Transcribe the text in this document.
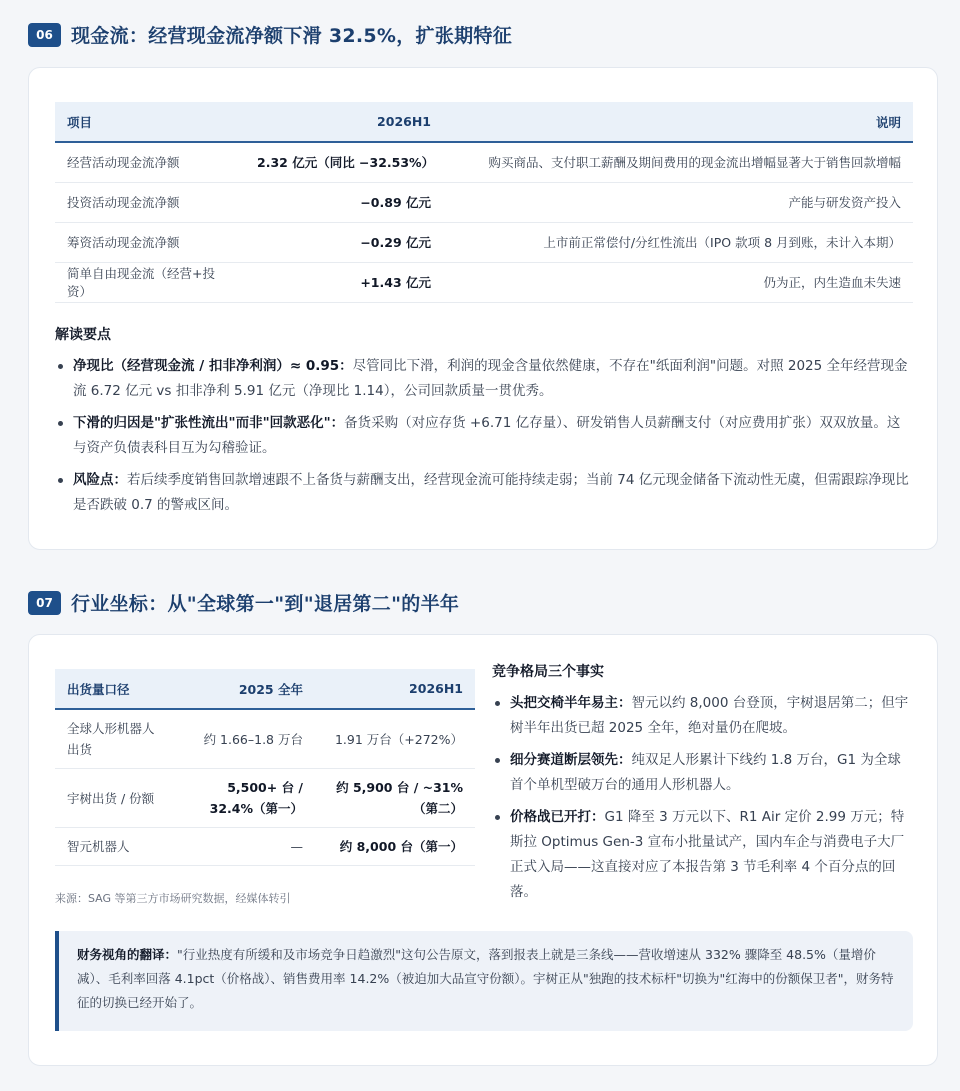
06 现金流：经营现金流净额下滑 32.5%，扩张期特征
项目	2026H1	说明
经营活动现金流净额	2.32 亿元（同比 −32.53%）	购买商品、支付职工薪酬及期间费用的现金流出增幅显著大于销售回款增幅
投资活动现金流净额	−0.89 亿元	产能与研发资产投入
筹资活动现金流净额	−0.29 亿元	上市前正常偿付/分红性流出（IPO 款项 8 月到账，未计入本期）
简单自由现金流（经营+投资）	+1.43 亿元	仍为正，内生造血未失速
解读要点
净现比（经营现金流 / 扣非净利润）≈ 0.95：尽管同比下滑，利润的现金含量依然健康，不存在"纸面利润"问题。对照 2025 全年经营现金流 6.72 亿元 vs 扣非净利 5.91 亿元（净现比 1.14），公司回款质量一贯优秀。
下滑的归因是"扩张性流出"而非"回款恶化"：备货采购（对应存货 +6.71 亿存量）、研发销售人员薪酬支付（对应费用扩张）双双放量。这与资产负债表科目互为勾稽验证。
风险点：若后续季度销售回款增速跟不上备货与薪酬支出，经营现金流可能持续走弱；当前 74 亿元现金储备下流动性无虞，但需跟踪净现比是否跌破 0.7 的警戒区间。
07 行业坐标：从"全球第一"到"退居第二"的半年
出货量口径	2025 全年	2026H1
全球人形机器人出货	约 1.66–1.8 万台	1.91 万台（+272%）
宇树出货 / 份额	5,500+ 台 / 32.4%（第一）	约 5,900 台 / ~31%（第二）
智元机器人	—	约 8,000 台（第一）
来源：SAG 等第三方市场研究数据，经媒体转引
竞争格局三个事实
头把交椅半年易主：智元以约 8,000 台登顶，宇树退居第二；但宇树半年出货已超 2025 全年，绝对量仍在爬坡。
细分赛道断层领先：纯双足人形累计下线约 1.8 万台，G1 为全球首个单机型破万台的通用人形机器人。
价格战已开打：G1 降至 3 万元以下、R1 Air 定价 2.99 万元；特斯拉 Optimus Gen-3 宣布小批量试产，国内车企与消费电子大厂正式入局——这直接对应了本报告第 3 节毛利率 4 个百分点的回落。
财务视角的翻译："行业热度有所缓和及市场竞争日趋激烈"这句公告原文，落到报表上就是三条线——营收增速从 332% 骤降至 48.5%（量增价减）、毛利率回落 4.1pct（价格战）、销售费用率 14.2%（被迫加大品宣守份额）。宇树正从"独跑的技术标杆"切换为"红海中的份额保卫者"，财务特征的切换已经开始了。
